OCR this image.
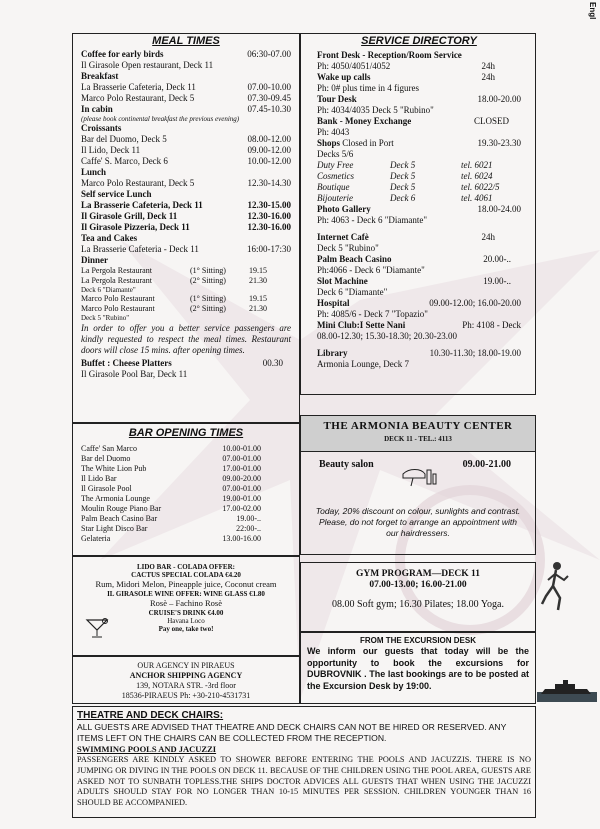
Engl
MEAL TIMES
Coffee for early birds	06:30-07.00
Il Girasole Open restaurant, Deck 11
Breakfast
La Brasserie Cafeteria, Deck 11	07.00-10.00
Marco Polo Restaurant, Deck 5	07.30-09.45
In cabin	07.45-10.30
(please book continental breakfast the previous evening)
Croissants
Bar del Duomo, Deck 5	08.00-12.00
Il Lido, Deck 11	09.00-12.00
Caffe' S. Marco, Deck 6	10.00-12.00
Lunch
Marco Polo Restaurant, Deck 5	12.30-14.30
Self service Lunch
La Brasserie Cafeteria, Deck 11	12.30-15.00
Il Girasole Grill, Deck 11	12.30-16.00
Il Girasole Pizzeria, Deck 11	12.30-16.00
Tea and Cakes
La Brasserie Cafeteria - Deck 11	16:00-17:30
Dinner
La Pergola Restaurant	(1° Sitting)	19.15
La Pergola Restaurant	(2° Sitting)	21.30
Deck 6 "Diamante"
Marco Polo Restaurant	(1° Sitting)	19.15
Marco Polo Restaurant	(2° Sitting)	21.30
Deck 5 "Rubino"
In order to offer you a better service passengers are kindly requested to respect the meal times. Restaurant doors will close 15 mins. after opening times.
Buffet : Cheese Platters	00.30
Il Girasole Pool Bar, Deck 11
BAR OPENING TIMES
Caffe' San Marco	10.00-01.00
Bar del Duomo	07.00-01.00
The White Lion Pub	17.00-01.00
Il Lido Bar	09.00-20.00
Il Girasole Pool	07.00-01.00
The Armonia Lounge	19.00-01.00
Moulin Rouge Piano Bar	17.00-02.00
Palm Beach Casino Bar	19.00-..
Star Light Disco Bar	22:00-..
Gelateria	13.00-16.00
LIDO BAR - COLADA OFFER:
CACTUS SPECIAL COLADA €4.20
Rum, Midori Melon, Pineapple juice, Coconut cream
IL GIRASOLE WINE OFFER: WINE GLASS €1.80
Rosè – Fachino Rosè
CRUISE'S DRINK €4.00
Havana Loco
Pay one, take two!
OUR AGENCY IN PIRAEUS
ANCHOR SHIPPING AGENCY
139, NOTARA STR. -3rd floor
18536-PIRAEUS Ph: +30-210-4531731
SERVICE DIRECTORY
Front Desk - Reception/Room Service
Ph: 4050/4051/4052	24h
Wake up calls	24h
Ph: 0# plus time in 4 figures
Tour Desk	18.00-20.00
Ph: 4034/4035 Deck 5 "Rubino"
Bank - Money Exchange	CLOSED
Ph: 4043
Shops Closed in Port	19.30-23.30
Decks 5/6
Duty Free	Deck 5	tel. 6021
Cosmetics	Deck 5	tel. 6024
Boutique	Deck 5	tel. 6022/5
Bijouterie	Deck 6	tel. 4061
Photo Gallery	18.00-24.00
Ph: 4063 - Deck 6 "Diamante"
Internet Cafè	24h
Deck 5 "Rubino"
Palm Beach Casino	20.00-..
Ph:4066 - Deck 6 "Diamante"
Slot Machine	19.00-..
Deck 6 "Diamante"
Hospital	09.00-12.00; 16.00-20.00
Ph: 4085/6 - Deck 7 "Topazio"
Mini Club:I Sette Nani	Ph: 4108 - Deck
08.00-12.30; 15.30-18.30; 20.30-23.00
Library	10.30-11.30; 18.00-19.00
Armonia Lounge, Deck 7
THE ARMONIA BEAUTY CENTER
DECK 11 - TEL.: 4113
Beauty salon	09.00-21.00
Today, 20% discount on colour, sunlights and contrast. Please, do not forget to arrange an appointment with our hairdressers.
GYM PROGRAM—DECK 11
07.00-13.00; 16.00-21.00
08.00 Soft gym; 16.30 Pilates; 18.00 Yoga.
FROM THE EXCURSION DESK
We inform our guests that today will be the opportunity to book the excursions for DUBROVNIK . The last bookings are to be posted at the Excursion Desk by 19:00.
THEATRE AND DECK CHAIRS:
ALL GUESTS ARE ADVISED THAT THEATRE AND DECK CHAIRS CAN NOT BE HIRED OR RESERVED. ANY ITEMS LEFT ON THE CHAIRS CAN BE COLLECTED FROM THE RECEPTION.
SWIMMING POOLS AND JACUZZI
PASSENGERS ARE KINDLY ASKED TO SHOWER BEFORE ENTERING THE POOLS AND JACUZZIS. THERE IS NO JUMPING OR DIVING IN THE POOLS ON DECK 11. BECAUSE OF THE CHILDREN USING THE POOL AREA, GUESTS ARE ASKED NOT TO SUNBATH TOPLESS.THE SHIPS DOCTOR ADVICES ALL GUESTS THAT WHEN USING THE JACUZZI ADULTS SHOULD STAY FOR NO LONGER THAN 10-15 MINUTES PER SESSION. CHILDREN YOUNGER THAN 16 SHOULD BE ACCOMPANIED.
